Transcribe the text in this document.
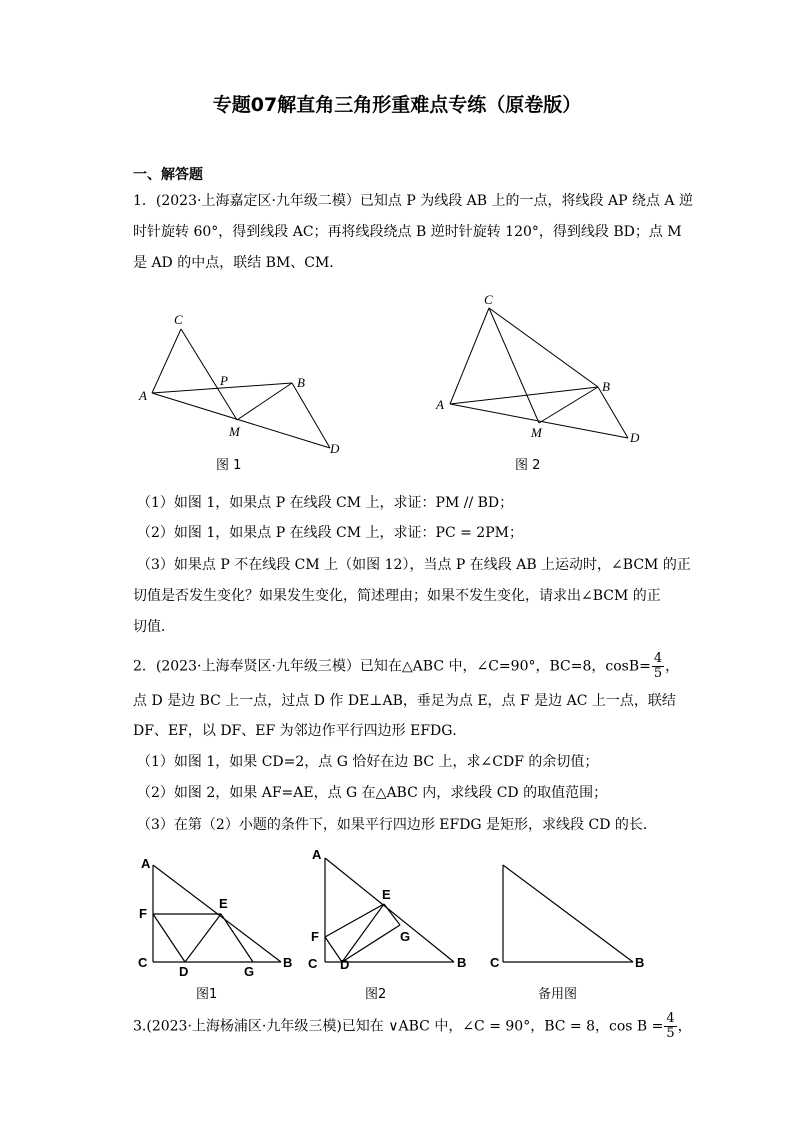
专题07解直角三角形重难点专练（原卷版）
一、解答题
1．(2023·上海嘉定区·九年级二模）已知点 P 为线段 AB 上的一点，将线段 AP 绕点 A 逆
时针旋转 60°，得到线段 AC；再将线段绕点 B 逆时针旋转 120°，得到线段 BD；点 M
是 AD 的中点，联结 BM、CM．
C
A
P	B
M
D
图 1
C
A
B
M	D
图 2
（1）如图 1，如果点 P 在线段 CM 上，求证：PM // BD；
（2）如图 1，如果点 P 在线段 CM 上，求证：PC = 2PM；
（3）如果点 P 不在线段 CM 上（如图 12），当点 P 在线段 AB 上运动时，∠BCM 的正
切值是否发生变化？如果发生变化，简述理由；如果不发生变化，请求出∠BCM 的正
切值．
2．(2023·上海奉贤区·九年级三模）已知在△ABC 中，∠C=90°，BC=8，$\cos B= \frac{4}{5}$ ，
点 D 是边 BC 上一点，过点 D 作 DE⊥AB，垂足为点 E，点 F 是边 AC 上一点，联结
DF、EF，以 DF、EF 为邻边作平行四边形 EFDG．
（1）如图 1，如果 CD=2，点 G 恰好在边 BC 上，求∠CDF 的余切值；
（2）如图 2，如果 AF=AE，点 G 在△ABC 内，求线段 CD 的取值范围；
（3）在第（2）小题的条件下，如果平行四边形 EFDG 是矩形，求线段 CD 的长．
A
F
E
C
D	G
B
图1
A
E
F	G
C D	B
图2
C	B
备用图
3.(2023·上海杨浦区·九年级三模)已知在 ∨ABC 中，∠C = 90°，BC = 8，$\cos B = \frac{4}{5}$ ，
